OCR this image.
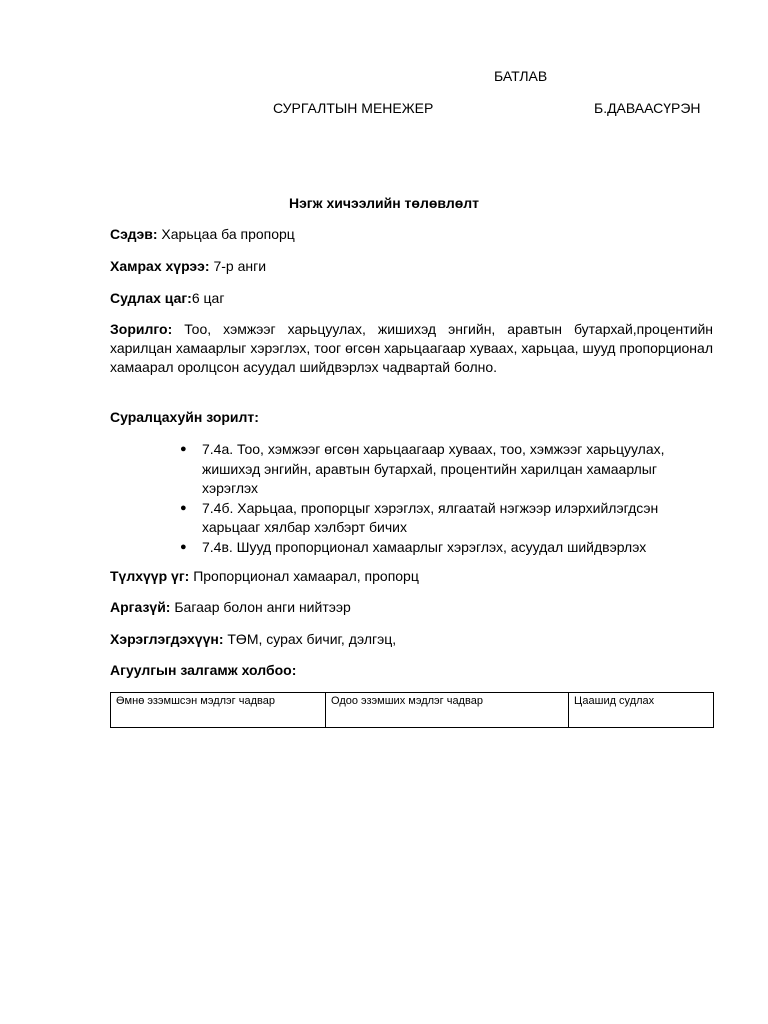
БАТЛАВ
СУРГАЛТЫН МЕНЕЖЕР	Б.ДАВААСҮРЭН
Нэгж хичээлийн төлөвлөлт
Сэдэв: Харьцаа ба пропорц
Хамрах хүрээ: 7-р анги
Судлах цаг:6 цаг
Зорилго: Тоо, хэмжээг харьцуулах, жишихэд энгийн, аравтын бутархай,процентийн харилцан хамаарлыг хэрэглэх, тоог өгсөн харьцаагаар хуваах, харьцаа, шууд пропорционал хамаарал оролцсон асуудал шийдвэрлэх чадвартай болно.
Суралцахуйн зорилт:
● 7.4а. Тоо, хэмжээг өгсөн харьцаагаар хуваах, тоо, хэмжээг харьцуулах, жишихэд энгийн, аравтын бутархай, процентийн харилцан хамаарлыг хэрэглэх
● 7.4б. Харьцаа, пропорцыг хэрэглэх, ялгаатай нэгжээр илэрхийлэгдсэн харьцааг хялбар хэлбэрт бичих
● 7.4в. Шууд пропорционал хамаарлыг хэрэглэх, асуудал шийдвэрлэх
Түлхүүр үг: Пропорционал хамаарал, пропорц
Аргазүй: Багаар болон анги нийтээр
Хэрэглэгдэхүүн: ТӨМ, сурах бичиг, дэлгэц,
Агуулгын залгамж холбоо:
Өмнө эзэмшсэн мэдлэг чадвар	Одоо эзэмших мэдлэг чадвар	Цаашид судлах
